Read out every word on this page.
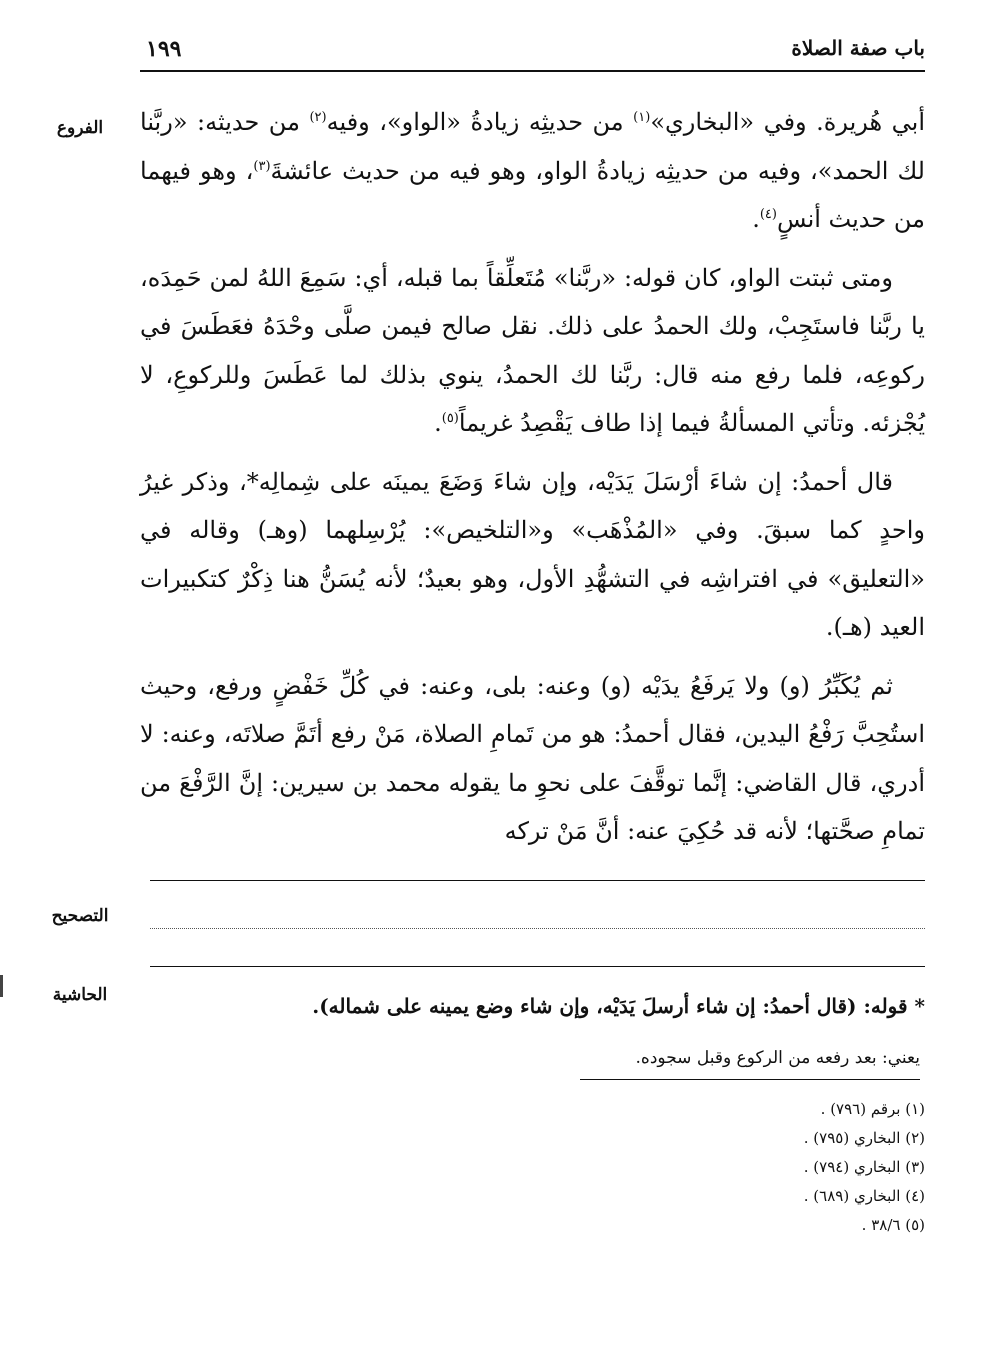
باب صفة الصلاة
١٩٩
الفروع
التصحيح
الحاشية

أبي هُريرة. وفي «البخاري»$^{(١)}$ من حديثِه زيادةُ «الواو»، وفيه$^{(٢)}$ من حديثه: «ربَّنا لك الحمد»، وفيه من حديثِه زيادةُ الواو، وهو فيه من حديث عائشةَ$^{(٣)}$، وهو فيهما من حديث أنسٍ$^{(٤)}$.

ومتى ثبتت الواو، كان قوله: «ربَّنا» مُتَعلِّقاً بما قبله، أي: سَمِعَ اللهُ لمن حَمِدَه، يا ربَّنا فاستَجِبْ، ولك الحمدُ على ذلك. نقل صالح فيمن صلَّى وحْدَهُ فعَطَسَ في ركوعِه، فلما رفع منه قال: ربَّنا لك الحمدُ، ينوي بذلك لما عَطَسَ وللركوعِ، لا يُجْزئه. وتأتي المسألةُ فيما إذا طاف يَقْصِدُ غريماً$^{(٥)}$.

قال أحمدُ: إن شاءَ أرْسَلَ يَدَيْه، وإن شاءَ وَضَعَ يمينَه على شِمالِه*، وذكر غيرُ واحدٍ كما سبقَ. وفي «المُذْهَب» و«التلخيص»: يُرْسِلهما (وهـ) وقاله في «التعليق» في افتراشِه في التشهُّدِ الأول، وهو بعيدٌ؛ لأنه يُسَنُّ هنا ذِكْرٌ كتكبيرات العيد (هـ).

ثم يُكَبِّرُ (و) ولا يَرفَعُ يدَيْه (و) وعنه: بلى، وعنه: في كُلِّ خَفْضٍ ورفع، وحيث استُحِبَّ رَفْعُ اليدين، فقال أحمدُ: هو من تَمامِ الصلاة، مَنْ رفع أتَمَّ صلاتَه، وعنه: لا أدري، قال القاضي: إنَّما توقَّفَ على نحوِ ما يقوله محمد بن سيرين: إنَّ الرَّفْعَ من تمامِ صحَّتها؛ لأنه قد حُكِيَ عنه: أنَّ مَنْ تركه

* قوله: (قال أحمدُ: إن شاء أرسلَ يَدَيْه، وإن شاء وضع يمينه على شماله).
يعني: بعد رفعه من الركوع وقبل سجوده.
(١) برقم (٧٩٦) .
(٢) البخاري (٧٩٥) .
(٣) البخاري (٧٩٤) .
(٤) البخاري (٦٨٩) .
(٥) ٣٨/٦ .
